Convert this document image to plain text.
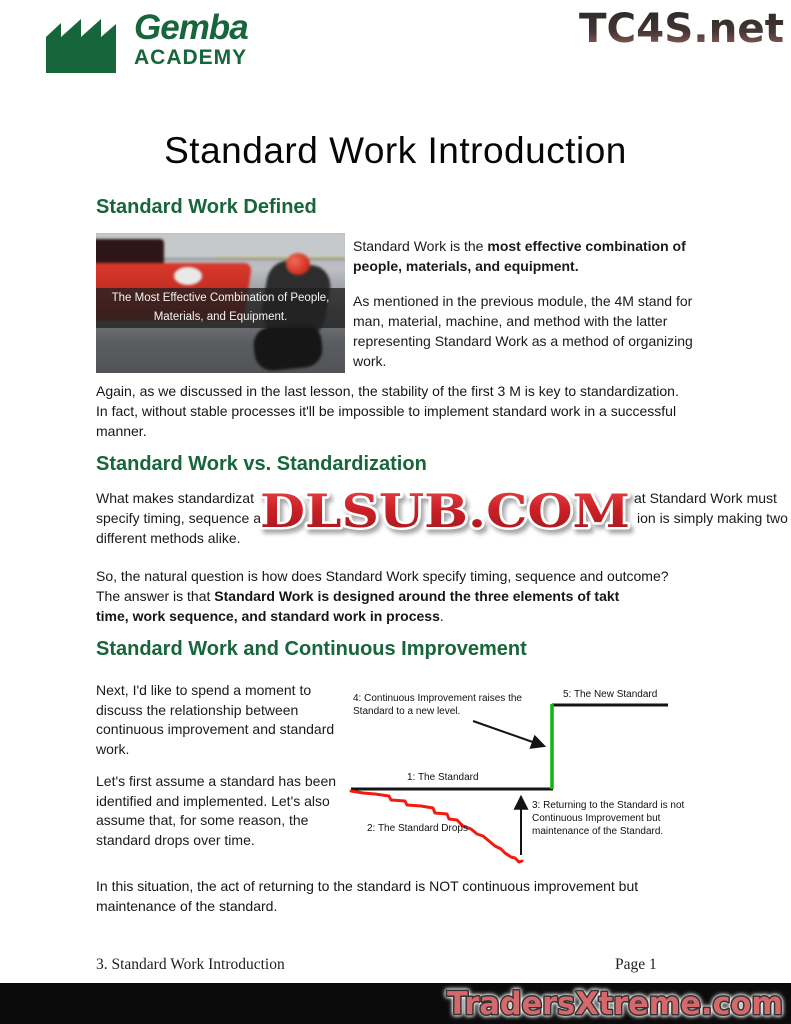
Gemba
ACADEMY
TC4S.net
Standard Work Introduction
Standard Work Defined
The Most Effective Combination of People,
Materials, and Equipment.
Standard Work is the most effective combination of people, materials, and equipment.
As mentioned in the previous module, the 4M stand for man, material, machine, and method with the latter representing Standard Work as a method of organizing work.
Again, as we discussed in the last lesson, the stability of the first 3 M is key to standardization.
In fact, without stable processes it'll be impossible to implement standard work in a successful
manner.
Standard Work vs. Standardization
What makes standardizat	at Standard Work must
specify timing, sequence a	ion is simply making two
different methods alike. DLSUB.COM
So, the natural question is how does Standard Work specify timing, sequence and outcome?
The answer is that Standard Work is designed around the three elements of takt
time, work sequence, and standard work in process.
Standard Work and Continuous Improvement
Next, I'd like to spend a moment to discuss the relationship between continuous improvement and standard work.
Let's first assume a standard has been identified and implemented. Let's also assume that, for some reason, the standard drops over time.
4: Continuous Improvement raises the Standard to a new level.
5: The New Standard
1: The Standard
2: The Standard Drops
3: Returning to the Standard is not Continuous Improvement but maintenance of the Standard.
In this situation, the act of returning to the standard is NOT continuous improvement but
maintenance of the standard.
3. Standard Work Introduction	Page 1
TradersXtreme.com
